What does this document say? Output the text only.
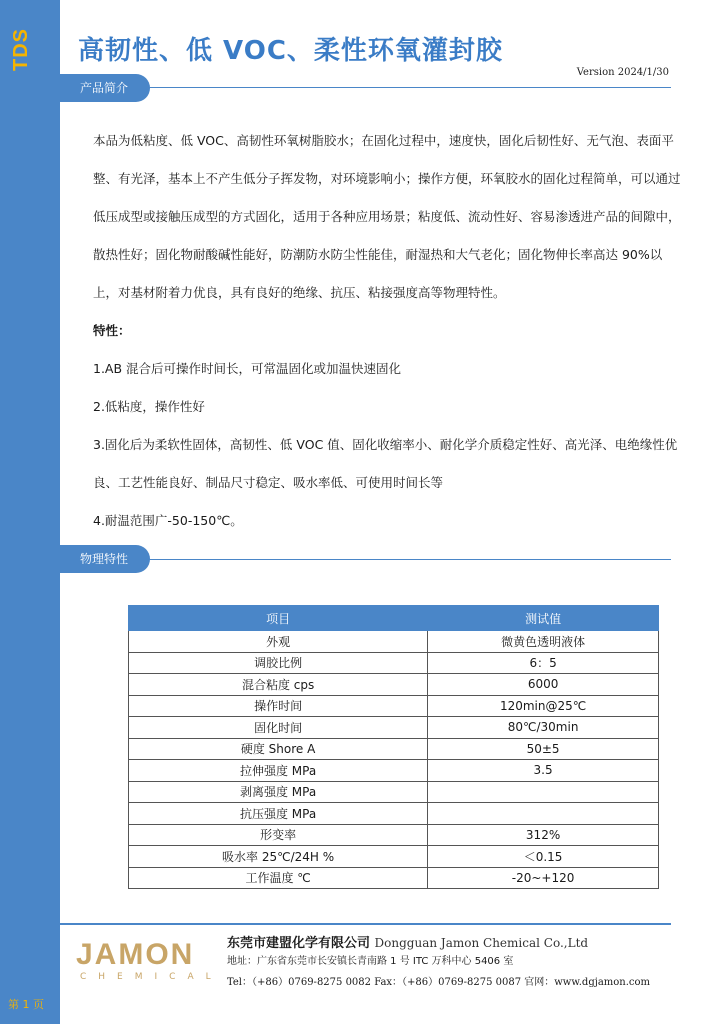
TDS
第 1 页
高韧性、低 VOC、柔性环氧灌封胶
Version 2024/1/30
产品简介

本品为低粘度、低 VOC、高韧性环氧树脂胶水；在固化过程中，速度快，固化后韧性好、无气泡、表面平整、有光泽，基本上不产生低分子挥发物，对环境影响小；操作方便，环氧胶水的固化过程简单，可以通过低压成型或接触压成型的方式固化，适用于各种应用场景；粘度低、流动性好、容易渗透进产品的间隙中，散热性好；固化物耐酸碱性能好，防潮防水防尘性能佳，耐湿热和大气老化；固化物伸长率高达 90%以上，对基材附着力优良，具有良好的绝缘、抗压、粘接强度高等物理特性。

特性：

1.AB 混合后可操作时间长，可常温固化或加温快速固化

2.低粘度，操作性好

3.固化后为柔软性固体，高韧性、低 VOC 值、固化收缩率小、耐化学介质稳定性好、高光泽、电绝缘性优良、工艺性能良好、制品尺寸稳定、吸水率低、可使用时间长等

4.耐温范围广-50-150℃。

物理特性
项目	测试值
外观	微黄色透明液体
调胶比例	6：5
混合粘度 cps	6000
操作时间	120min@25℃
固化时间	80℃/30min
硬度 Shore A	50±5
拉伸强度 MPa	3.5
剥离强度 MPa	
抗压强度 MPa	
形变率	312%
吸水率 25℃/24H %	＜0.15
工作温度 ℃	-20~+120
JAMON
CHEMICAL
东莞市建盟化学有限公司 Dongguan Jamon Chemical Co.,Ltd
地址：广东省东莞市长安镇长青南路 1 号 ITC 万科中心 5406 室
Tel：（+86）0769-8275 0082 Fax：（+86）0769-8275 0087 官网：www.dgjamon.com
